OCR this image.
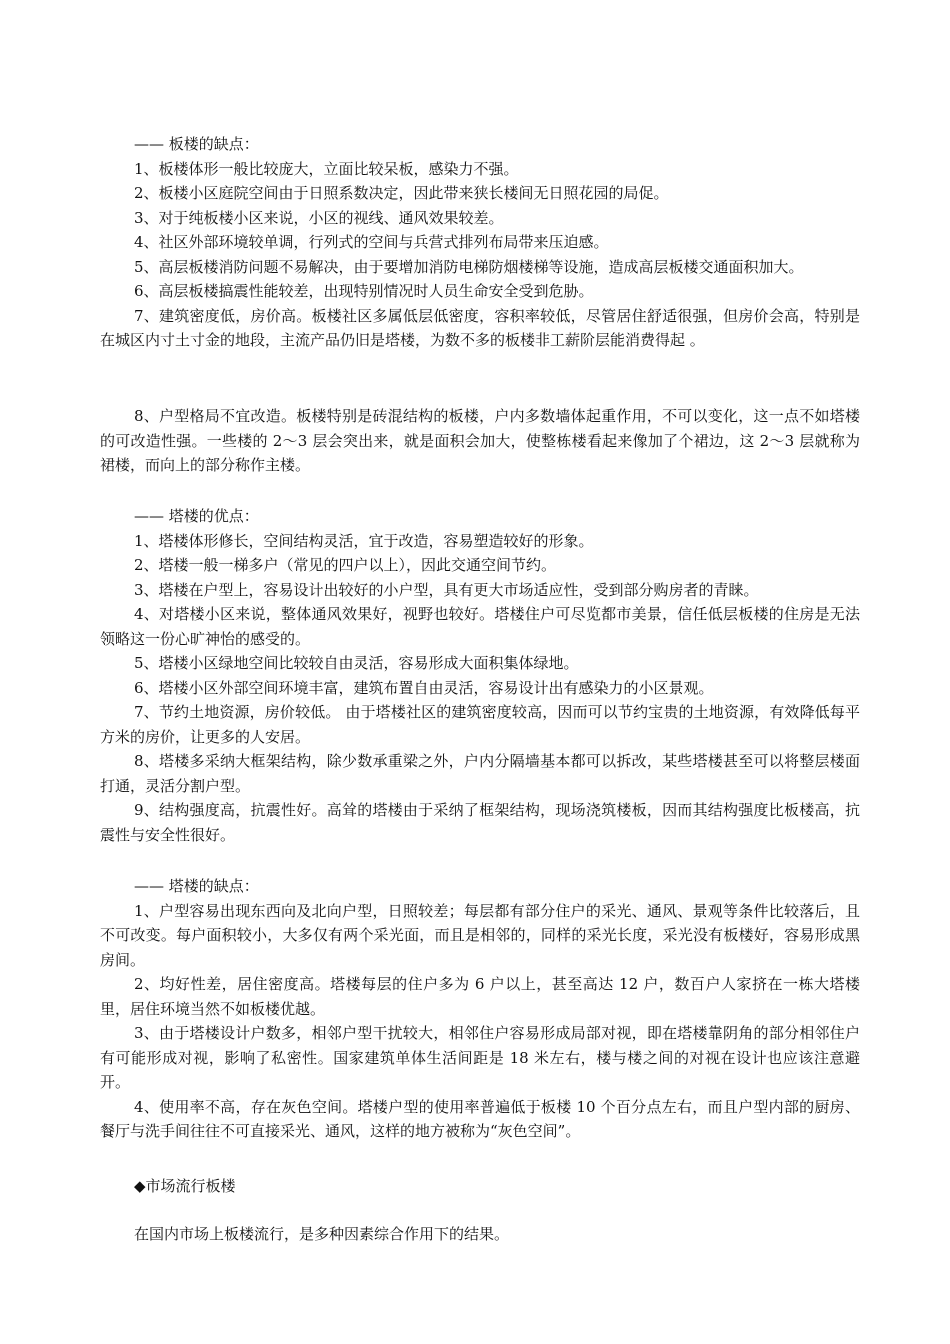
—— 板楼的缺点：
1、板楼体形一般比较庞大，立面比较呆板，感染力不强。
2、板楼小区庭院空间由于日照系数决定，因此带来狭长楼间无日照花园的局促。
3、对于纯板楼小区来说，小区的视线、通风效果较差。
4、社区外部环境较单调，行列式的空间与兵营式排列布局带来压迫感。
5、高层板楼消防问题不易解决，由于要增加消防电梯防烟楼梯等设施，造成高层板楼交通面积加大。
6、高层板楼搞震性能较差，出现特别情况时人员生命安全受到危胁。
7、建筑密度低，房价高。板楼社区多属低层低密度，容积率较低，尽管居住舒适很强，但房价会高，特别是在城区内寸土寸金的地段，主流产品仍旧是塔楼，为数不多的板楼非工薪阶层能消费得起 。
8、户型格局不宜改造。板楼特别是砖混结构的板楼，户内多数墙体起重作用，不可以变化，这一点不如塔楼的可改造性强。一些楼的 2～3 层会突出来，就是面积会加大，使整栋楼看起来像加了个裙边，这 2～3 层就称为裙楼，而向上的部分称作主楼。
—— 塔楼的优点：
1、塔楼体形修长，空间结构灵活，宜于改造，容易塑造较好的形象。
2、塔楼一般一梯多户（常见的四户以上），因此交通空间节约。
3、塔楼在户型上，容易设计出较好的小户型，具有更大市场适应性，受到部分购房者的青睐。
4、对塔楼小区来说，整体通风效果好，视野也较好。塔楼住户可尽览都市美景，信任低层板楼的住房是无法领略这一份心旷神怡的感受的。
5、塔楼小区绿地空间比较较自由灵活，容易形成大面积集体绿地。
6、塔楼小区外部空间环境丰富，建筑布置自由灵活，容易设计出有感染力的小区景观。
7、节约土地资源，房价较低。 由于塔楼社区的建筑密度较高，因而可以节约宝贵的土地资源，有效降低每平方米的房价，让更多的人安居。
8、塔楼多采纳大框架结构，除少数承重梁之外，户内分隔墙基本都可以拆改，某些塔楼甚至可以将整层楼面打通，灵活分割户型。
9、结构强度高，抗震性好。高耸的塔楼由于采纳了框架结构，现场浇筑楼板，因而其结构强度比板楼高，抗震性与安全性很好。
—— 塔楼的缺点：
1、户型容易出现东西向及北向户型，日照较差；每层都有部分住户的采光、通风、景观等条件比较落后，且不可改变。每户面积较小，大多仅有两个采光面，而且是相邻的，同样的采光长度，采光没有板楼好，容易形成黑房间。
2、均好性差，居住密度高。塔楼每层的住户多为 6 户以上，甚至高达 12 户，数百户人家挤在一栋大塔楼里，居住环境当然不如板楼优越。
3、由于塔楼设计户数多，相邻户型干扰较大，相邻住户容易形成局部对视，即在塔楼靠阴角的部分相邻住户有可能形成对视，影响了私密性。国家建筑单体生活间距是 18 米左右，楼与楼之间的对视在设计也应该注意避开。
4、使用率不高，存在灰色空间。塔楼户型的使用率普遍低于板楼 10 个百分点左右，而且户型内部的厨房、餐厅与洗手间往往不可直接采光、通风，这样的地方被称为“灰色空间”。
◆市场流行板楼
在国内市场上板楼流行，是多种因素综合作用下的结果。
